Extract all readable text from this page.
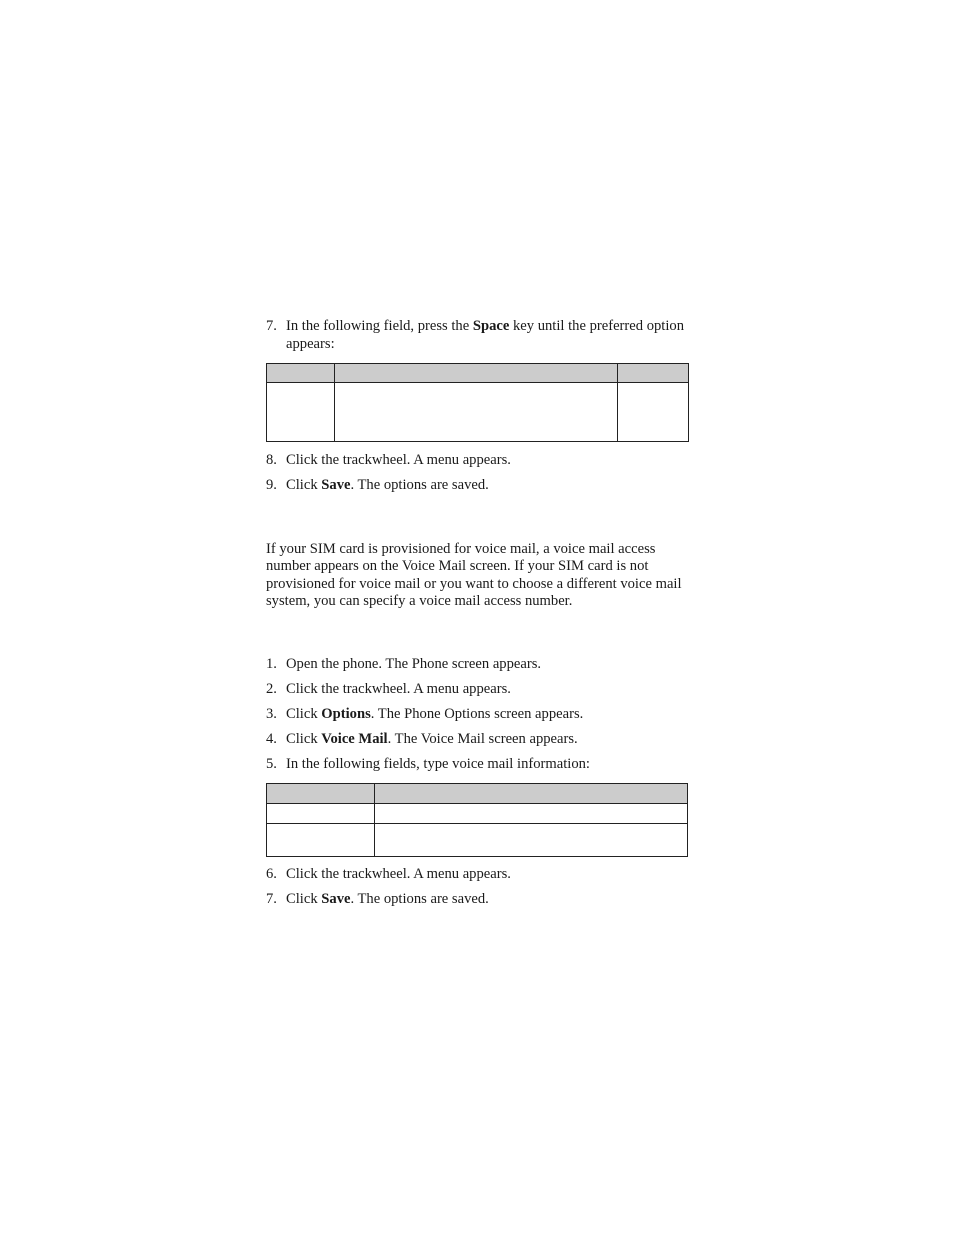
7. In the following field, press the Space key until the preferred option appears:

8. Click the trackwheel. A menu appears.
9. Click Save. The options are saved.
If your SIM card is provisioned for voice mail, a voice mail access number appears on the Voice Mail screen. If your SIM card is not provisioned for voice mail or you want to choose a different voice mail system, you can specify a voice mail access number.
1. Open the phone. The Phone screen appears.
2. Click the trackwheel. A menu appears.
3. Click Options. The Phone Options screen appears.
4. Click Voice Mail. The Voice Mail screen appears.
5. In the following fields, type voice mail information:

6. Click the trackwheel. A menu appears.
7. Click Save. The options are saved.
